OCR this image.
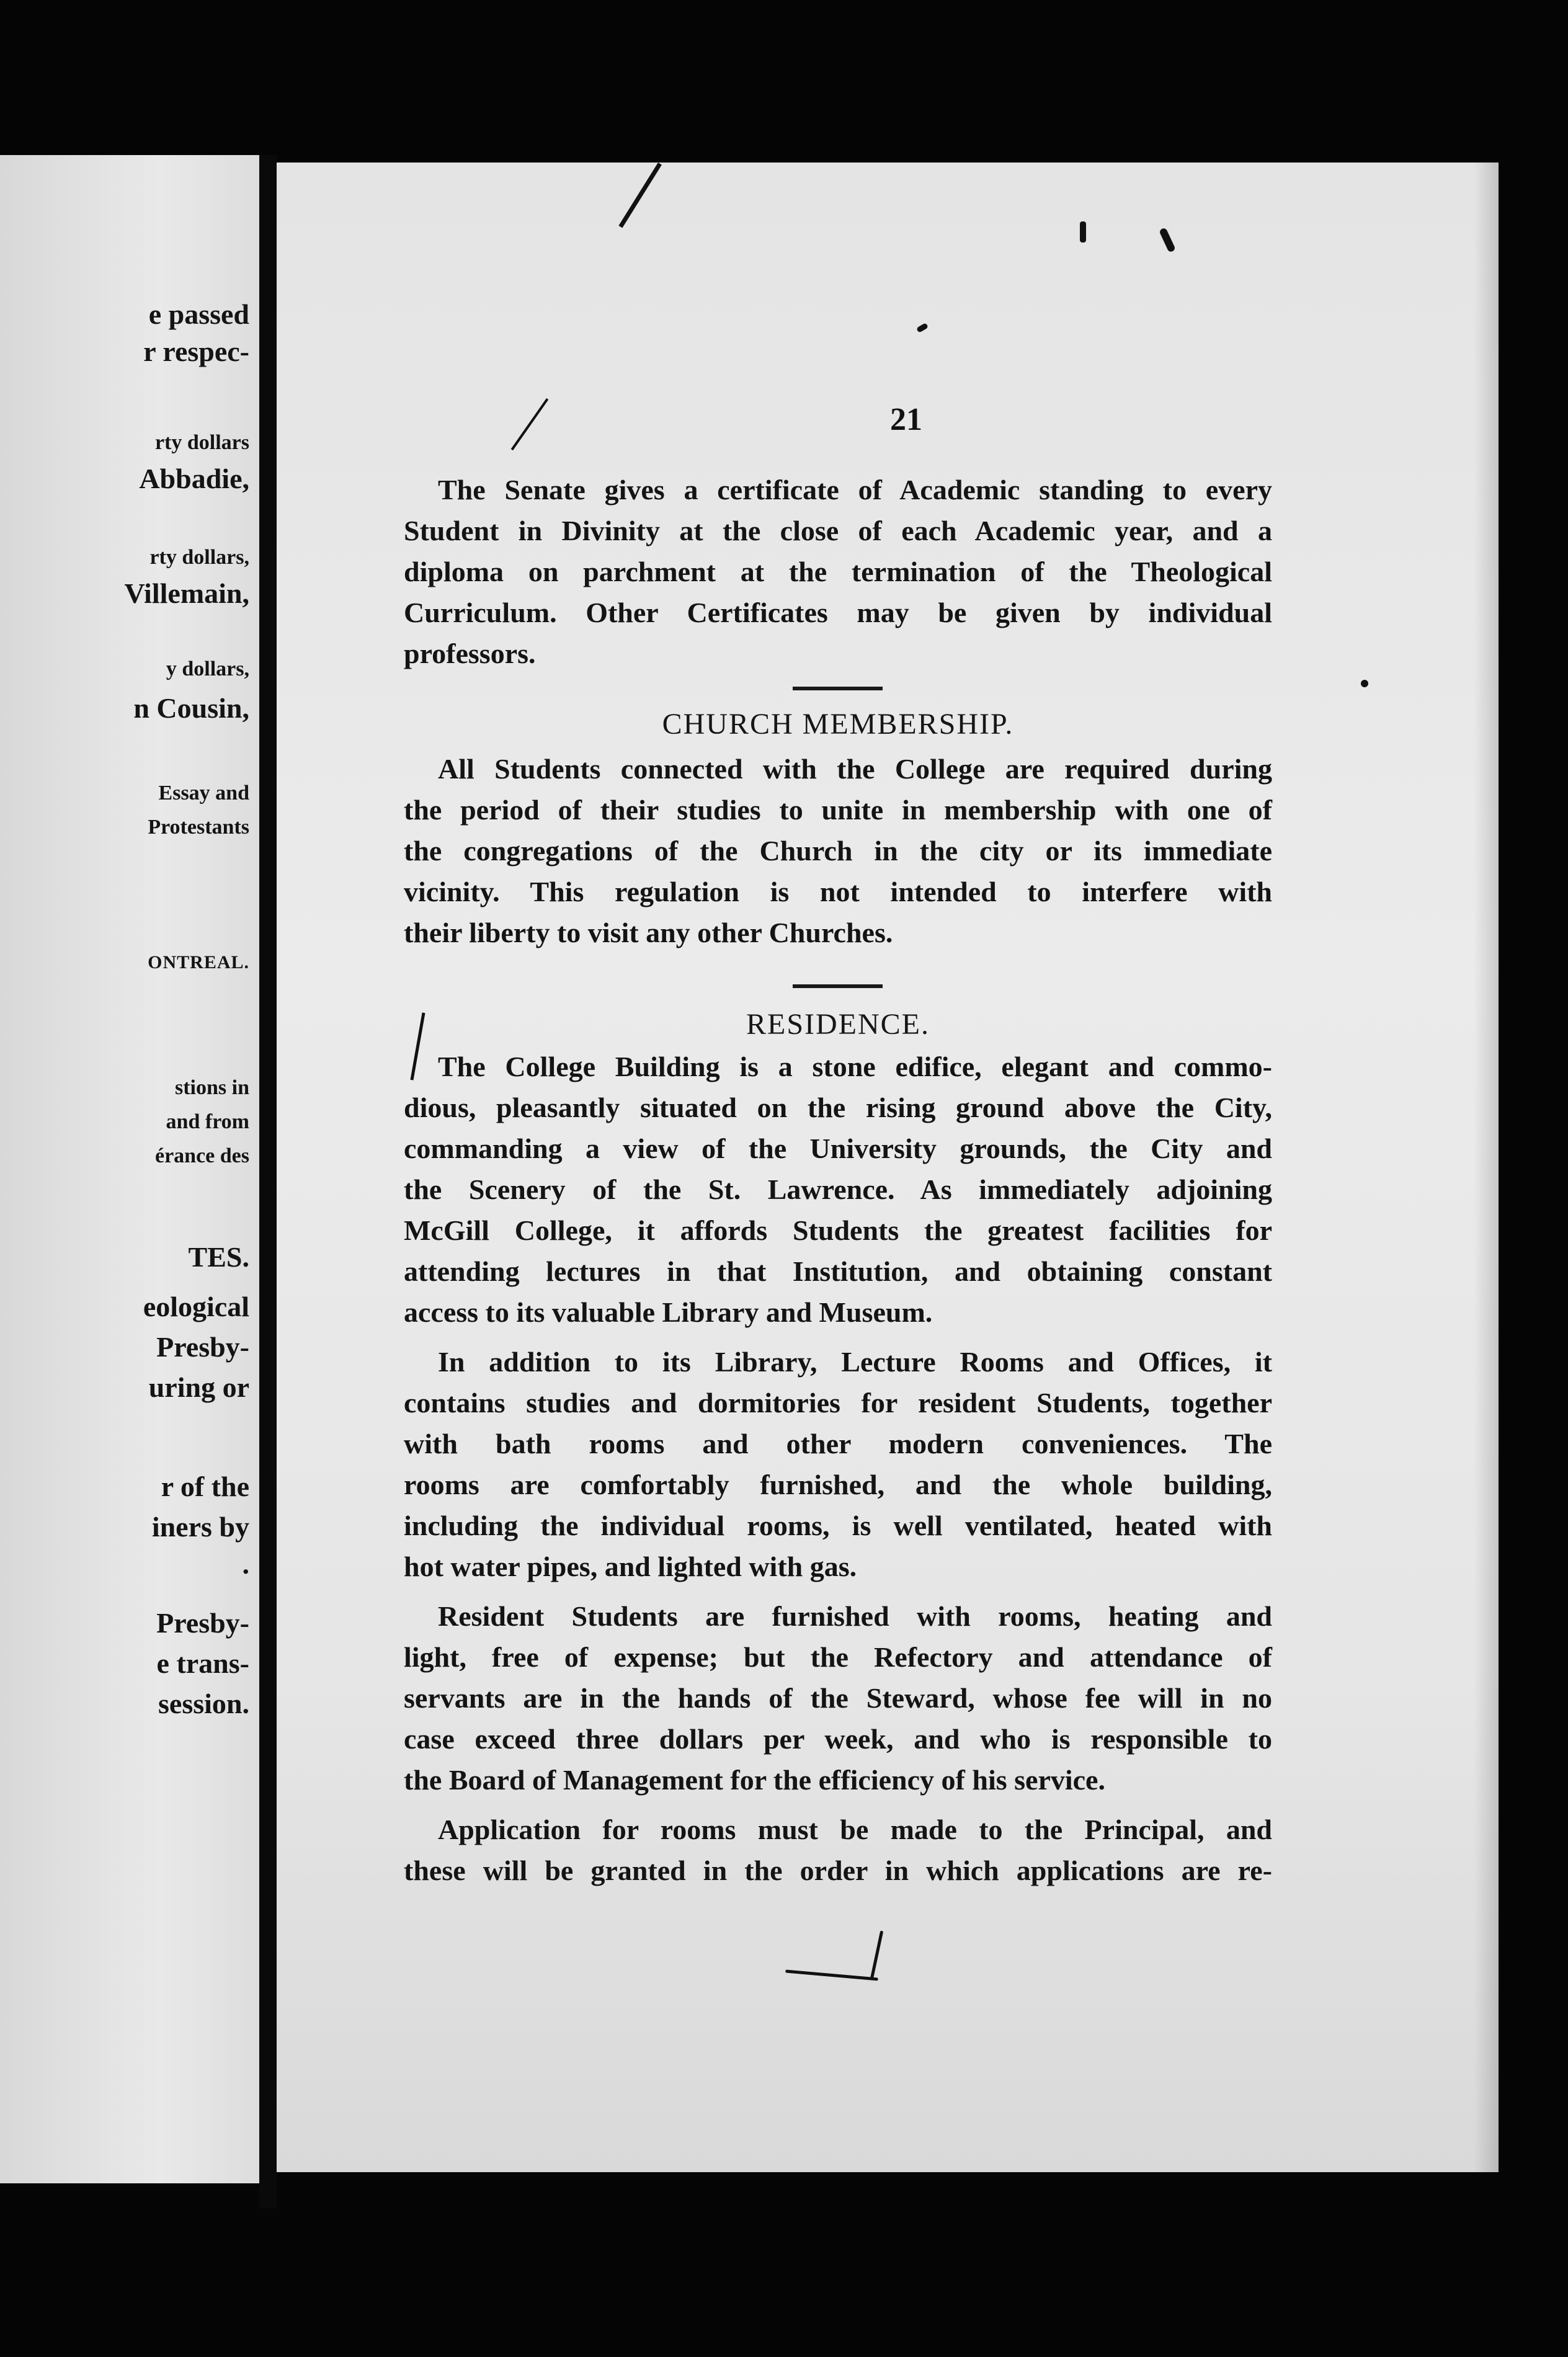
e passed
r respec-
rty dollars
Abbadie,
rty dollars,
Villemain,
y dollars,
n Cousin,
Essay and
Protestants
ONTREAL.
stions in
and from
érance des
TES.
eological
Presby-
uring or
r of the
iners by
.
Presby-
e trans-
session.
21
The Senate gives a certificate of Academic standing to every
Student in Divinity at the close of each Academic year, and a
diploma on parchment at the termination of the Theological
Curriculum. Other Certificates may be given by individual
professors.
CHURCH MEMBERSHIP.
All Students connected with the College are required during
the period of their studies to unite in membership with one of
the congregations of the Church in the city or its immediate
vicinity. This regulation is not intended to interfere with
their liberty to visit any other Churches.
RESIDENCE.
The College Building is a stone edifice, elegant and commo-
dious, pleasantly situated on the rising ground above the City,
commanding a view of the University grounds, the City and
the Scenery of the St. Lawrence. As immediately adjoining
McGill College, it affords Students the greatest facilities for
attending lectures in that Institution, and obtaining constant
access to its valuable Library and Museum.
In addition to its Library, Lecture Rooms and Offices, it
contains studies and dormitories for resident Students, together
with bath rooms and other modern conveniences. The
rooms are comfortably furnished, and the whole building,
including the individual rooms, is well ventilated, heated with
hot water pipes, and lighted with gas.
Resident Students are furnished with rooms, heating and
light, free of expense; but the Refectory and attendance of
servants are in the hands of the Steward, whose fee will in no
case exceed three dollars per week, and who is responsible to
the Board of Management for the efficiency of his service.
Application for rooms must be made to the Principal, and
these will be granted in the order in which applications are re-
